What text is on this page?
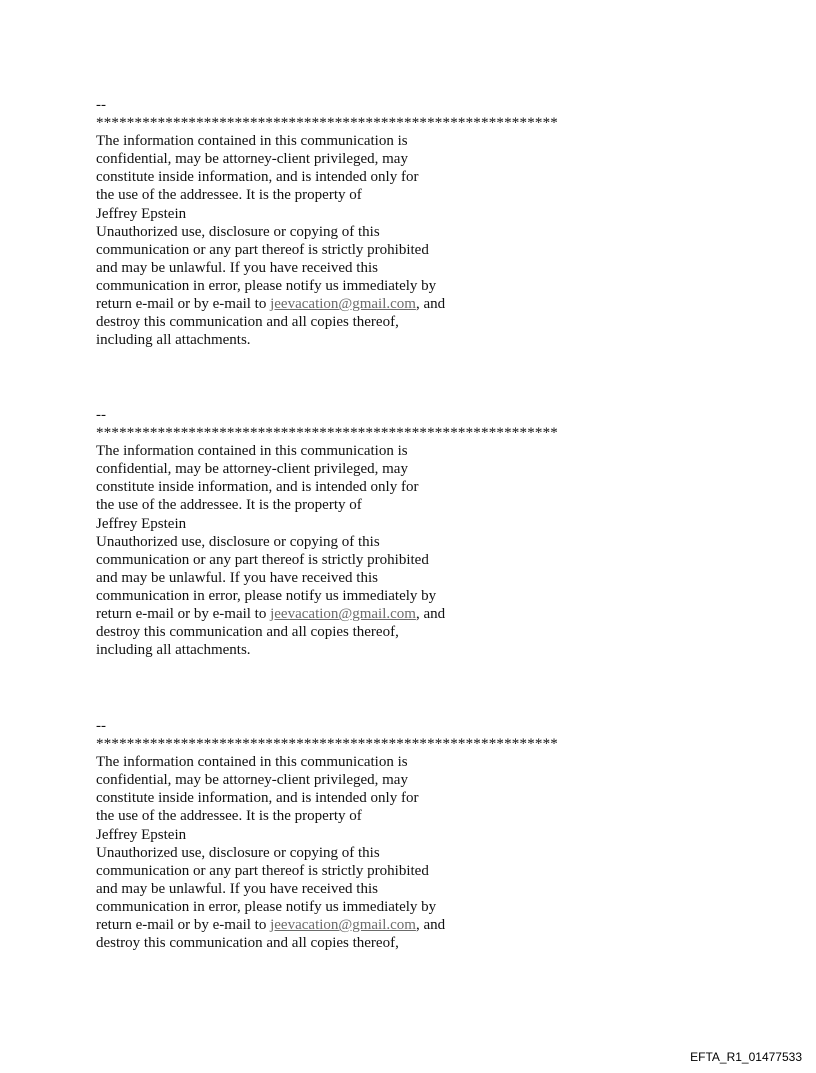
--
************************************************************
The information contained in this communication is
confidential, may be attorney-client privileged, may
constitute inside information, and is intended only for
the use of the addressee. It is the property of
Jeffrey Epstein
Unauthorized use, disclosure or copying of this
communication or any part thereof is strictly prohibited
and may be unlawful. If you have received this
communication in error, please notify us immediately by
return e-mail or by e-mail to jeevacation@gmail.com, and
destroy this communication and all copies thereof,
including all attachments.
--
************************************************************
The information contained in this communication is
confidential, may be attorney-client privileged, may
constitute inside information, and is intended only for
the use of the addressee. It is the property of
Jeffrey Epstein
Unauthorized use, disclosure or copying of this
communication or any part thereof is strictly prohibited
and may be unlawful. If you have received this
communication in error, please notify us immediately by
return e-mail or by e-mail to jeevacation@gmail.com, and
destroy this communication and all copies thereof,
including all attachments.
--
************************************************************
The information contained in this communication is
confidential, may be attorney-client privileged, may
constitute inside information, and is intended only for
the use of the addressee. It is the property of
Jeffrey Epstein
Unauthorized use, disclosure or copying of this
communication or any part thereof is strictly prohibited
and may be unlawful. If you have received this
communication in error, please notify us immediately by
return e-mail or by e-mail to jeevacation@gmail.com, and
destroy this communication and all copies thereof,
EFTA_R1_01477533
